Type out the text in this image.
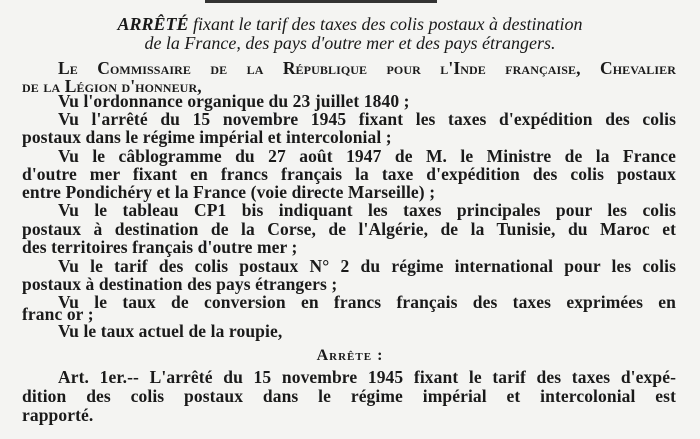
ARRÊTÉ fixant le tarif des taxes des colis postaux à destination
de la France, des pays d'outre mer et des pays étrangers.
Le Commissaire de la République pour l'Inde française, Chevalier
de la Légion d'honneur,
Vu l'ordonnance organique du 23 juillet 1840 ;
Vu l'arrêté du 15 novembre 1945 fixant les taxes d'expédition des colis
postaux dans le régime impérial et intercolonial ;
Vu le câblogramme du 27 août 1947 de M. le Ministre de la France
d'outre mer fixant en francs français la taxe d'expédition des colis postaux
entre Pondichéry et la France (voie directe Marseille) ;
Vu le tableau CP1 bis indiquant les taxes principales pour les colis
postaux à destination de la Corse, de l'Algérie, de la Tunisie, du Maroc et
des territoires français d'outre mer ;
Vu le tarif des colis postaux N° 2 du régime international pour les colis
postaux à destination des pays étrangers ;
Vu le taux de conversion en francs français des taxes exprimées en
franc or ;
Vu le taux actuel de la roupie,
Arrête :
Art. 1er.-- L'arrêté du 15 novembre 1945 fixant le tarif des taxes d'expé-
dition des colis postaux dans le régime impérial et intercolonial est
rapporté.
